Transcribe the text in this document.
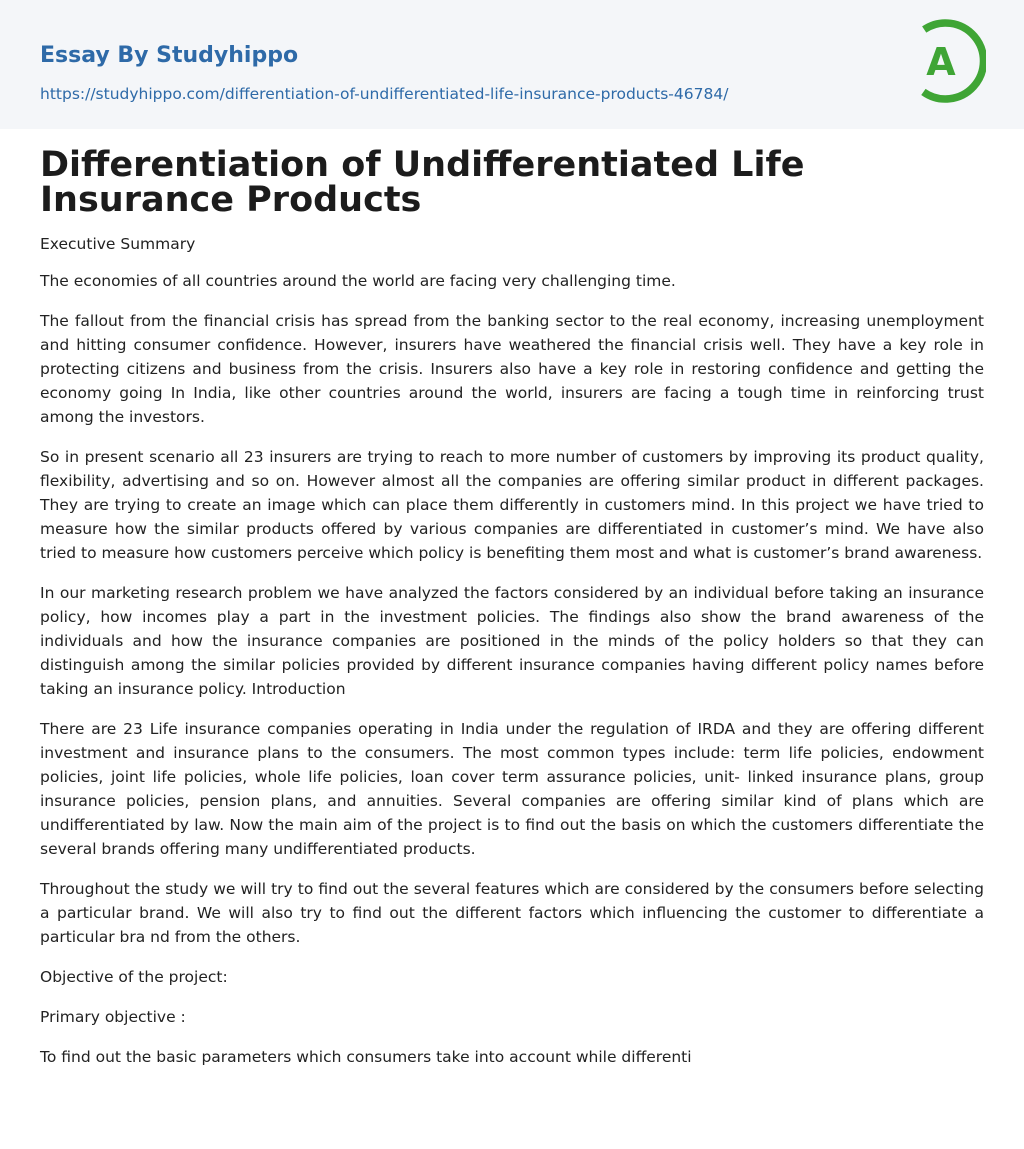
Essay By Studyhippo
https://studyhippo.com/differentiation-of-undifferentiated-life-insurance-products-46784/
A
Differentiation of Undifferentiated Life Insurance Products

Executive Summary

The economies of all countries around the world are facing very challenging time.

The fallout from the financial crisis has spread from the banking sector to the real economy, increasing unemployment and hitting consumer confidence. However, insurers have weathered the financial crisis well. They have a key role in protecting citizens and business from the crisis. Insurers also have a key role in restoring confidence and getting the economy going In India, like other countries around the world, insurers are facing a tough time in reinforcing trust among the investors.

So in present scenario all 23 insurers are trying to reach to more number of customers by improving its product quality, flexibility, advertising and so on. However almost all the companies are offering similar product in different packages. They are trying to create an image which can place them differently in customers mind. In this project we have tried to measure how the similar products offered by various companies are differentiated in customer’s mind. We have also tried to measure how customers perceive which policy is benefiting them most and what is customer’s brand awareness.

In our marketing research problem we have analyzed the factors considered by an individual before taking an insurance policy, how incomes play a part in the investment policies. The findings also show the brand awareness of the individuals and how the insurance companies are positioned in the minds of the policy holders so that they can distinguish among the similar policies provided by different insurance companies having different policy names before taking an insurance policy. Introduction

There are 23 Life insurance companies operating in India under the regulation of IRDA and they are offering different investment and insurance plans to the consumers. The most common types include: term life policies, endowment policies, joint life policies, whole life policies, loan cover term assurance policies, unit- linked insurance plans, group insurance policies, pension plans, and annuities. Several companies are offering similar kind of plans which are undifferentiated by law. Now the main aim of the project is to find out the basis on which the customers differentiate the several brands offering many undifferentiated products.

Throughout the study we will try to find out the several features which are considered by the consumers before selecting a particular brand. We will also try to find out the different factors which influencing the customer to differentiate a particular bra nd from the others.

Objective of the project:

Primary objective :

To find out the basic parameters which consumers take into account while differenti
